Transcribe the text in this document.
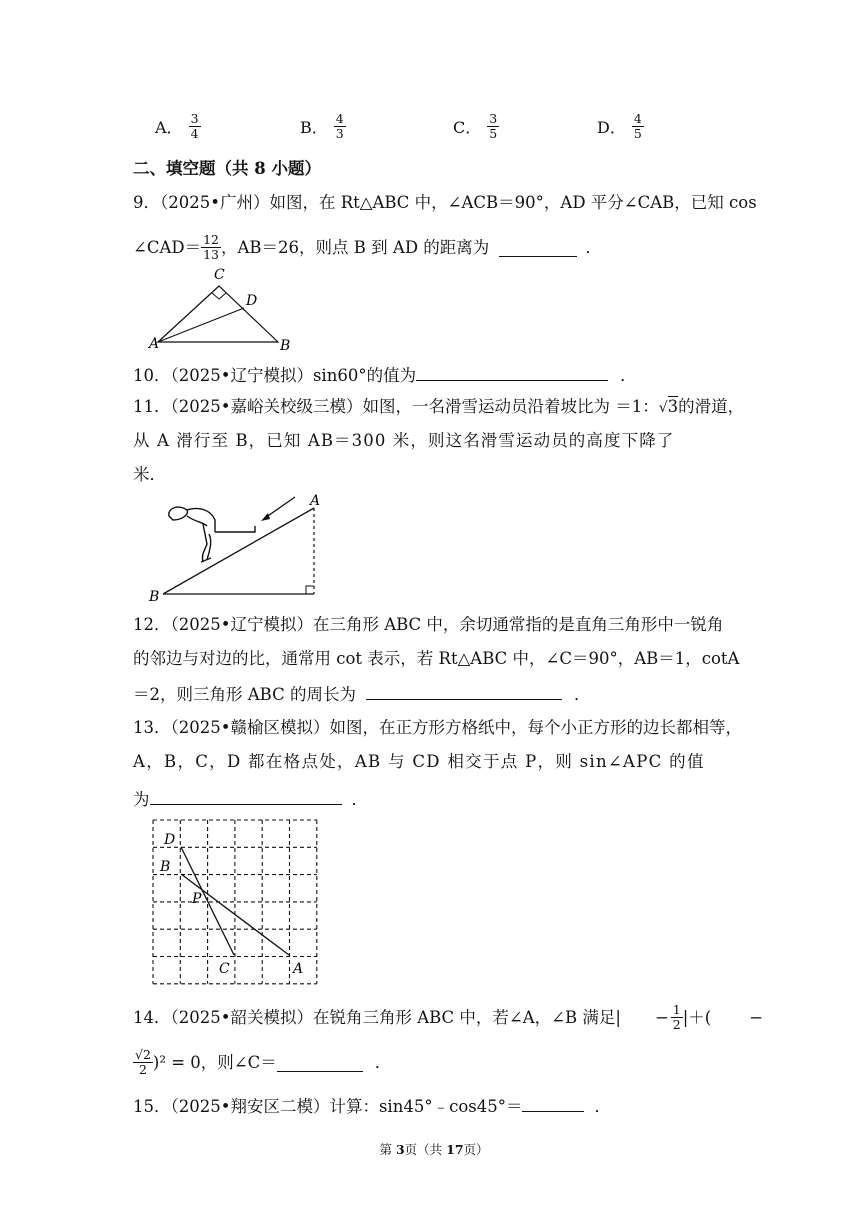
A． $\frac{3}{4}$	B． $\frac{4}{3}$	C． $\frac{3}{5}$	D． $\frac{4}{5}$
二、填空题（共 8 小题）
9．（2025•广州）如图，在 Rt△ABC 中，∠ACB＝90°，AD 平分∠CAB，已知 cos
∠CAD＝ $\frac{12}{13}$ ，AB＝26，则点 B 到 AD 的距离为	．
C
D
A	B
10．（2025•辽宁模拟）sin60°的值为	．
11．（2025•嘉峪关校级三模）如图，一名滑雪运动员沿着坡比为 ＝1：√3的滑道，
从 A 滑行至 B，已知 AB＝300 米，则这名滑雪运动员的高度下降了
米．
A
B
12．（2025•辽宁模拟）在三角形 ABC 中，余切通常指的是直角三角形中一锐角
的邻边与对边的比，通常用 cot 表示，若 Rt△ABC 中，∠C＝90°，AB＝1，cotA
＝2，则三角形 ABC 的周长为	．
13．（2025•赣榆区模拟）如图，在正方形方格纸中，每个小正方形的边长都相等，
A，B，C，D 都在格点处，AB 与 CD 相交于点 P，则 sin∠APC 的值
为	．
D
B
P
C	A
14．（2025•韶关模拟）在锐角三角形 ABC 中，若∠A，∠B 满足| − $\frac{1}{2}$ |＋( −
$\frac{√2}{2} )^2 = 0$，则∠C＝	．
15．（2025•翔安区二模）计算：sin45°﹣cos45°＝	．
第 3页（共 17页）
